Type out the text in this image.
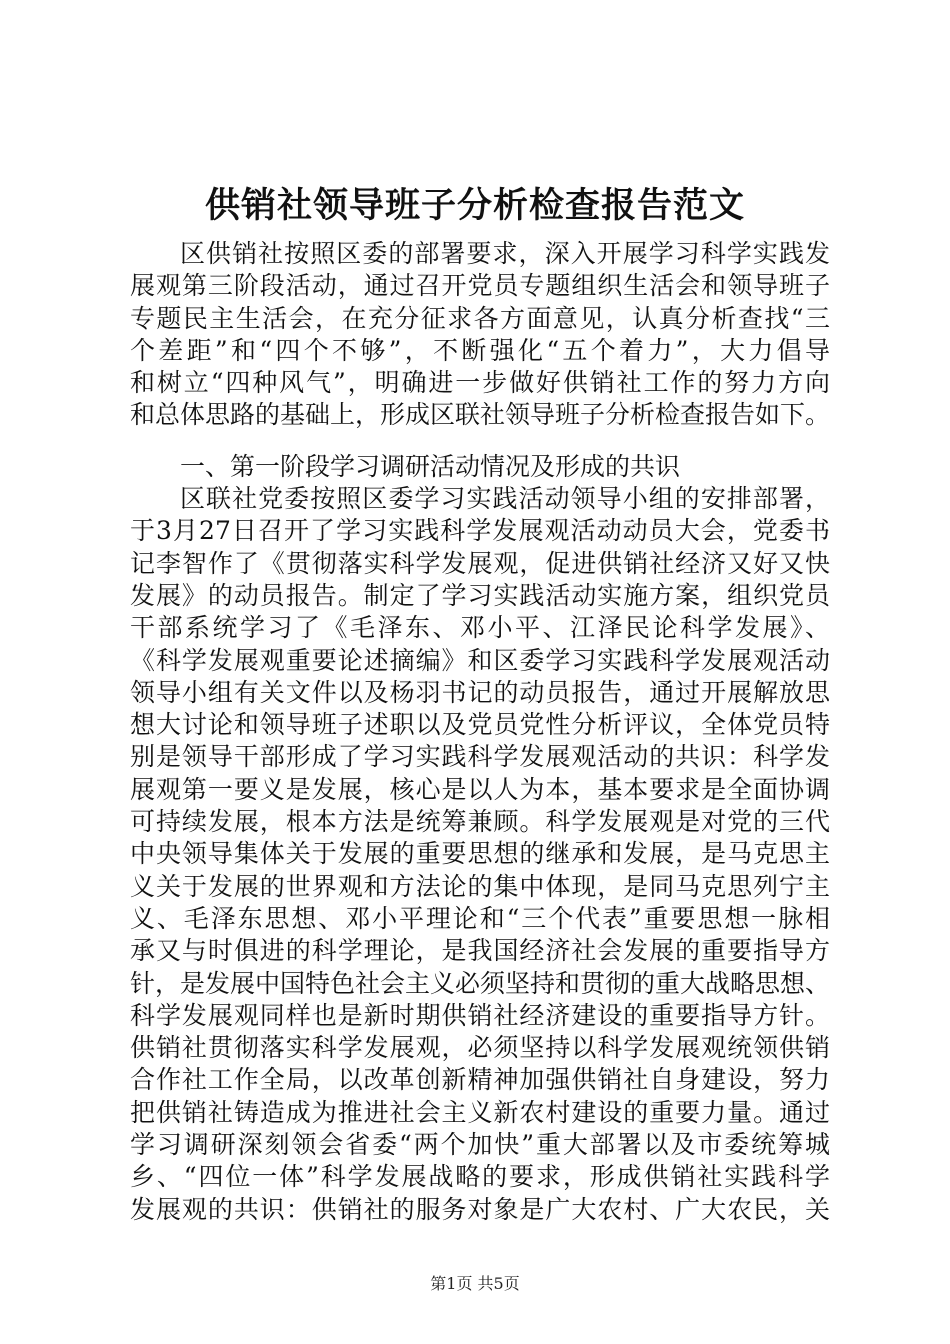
供销社领导班子分析检查报告范文
区供销社按照区委的部署要求，深入开展学习科学实践发
展观第三阶段活动，通过召开党员专题组织生活会和领导班子
专题民主生活会，在充分征求各方面意见，认真分析查找“三
个差距”和“四个不够”，不断强化“五个着力”，大力倡导
和树立“四种风气”，明确进一步做好供销社工作的努力方向
和总体思路的基础上，形成区联社领导班子分析检查报告如下。
一、第一阶段学习调研活动情况及形成的共识
区联社党委按照区委学习实践活动领导小组的安排部署，
于3月27日召开了学习实践科学发展观活动动员大会，党委书
记李智作了《贯彻落实科学发展观，促进供销社经济又好又快
发展》的动员报告。制定了学习实践活动实施方案，组织党员
干部系统学习了《毛泽东、邓小平、江泽民论科学发展》、
《科学发展观重要论述摘编》和区委学习实践科学发展观活动
领导小组有关文件以及杨羽书记的动员报告，通过开展解放思
想大讨论和领导班子述职以及党员党性分析评议，全体党员特
别是领导干部形成了学习实践科学发展观活动的共识：科学发
展观第一要义是发展，核心是以人为本，基本要求是全面协调
可持续发展，根本方法是统筹兼顾。科学发展观是对党的三代
中央领导集体关于发展的重要思想的继承和发展，是马克思主
义关于发展的世界观和方法论的集中体现，是同马克思列宁主
义、毛泽东思想、邓小平理论和“三个代表”重要思想一脉相
承又与时俱进的科学理论，是我国经济社会发展的重要指导方
针，是发展中国特色社会主义必须坚持和贯彻的重大战略思想、
科学发展观同样也是新时期供销社经济建设的重要指导方针。
供销社贯彻落实科学发展观，必须坚持以科学发展观统领供销
合作社工作全局，以改革创新精神加强供销社自身建设，努力
把供销社铸造成为推进社会主义新农村建设的重要力量。通过
学习调研深刻领会省委“两个加快”重大部署以及市委统筹城
乡、“四位一体”科学发展战略的要求，形成供销社实践科学
发展观的共识：供销社的服务对象是广大农村、广大农民，关
第1页 共5页
